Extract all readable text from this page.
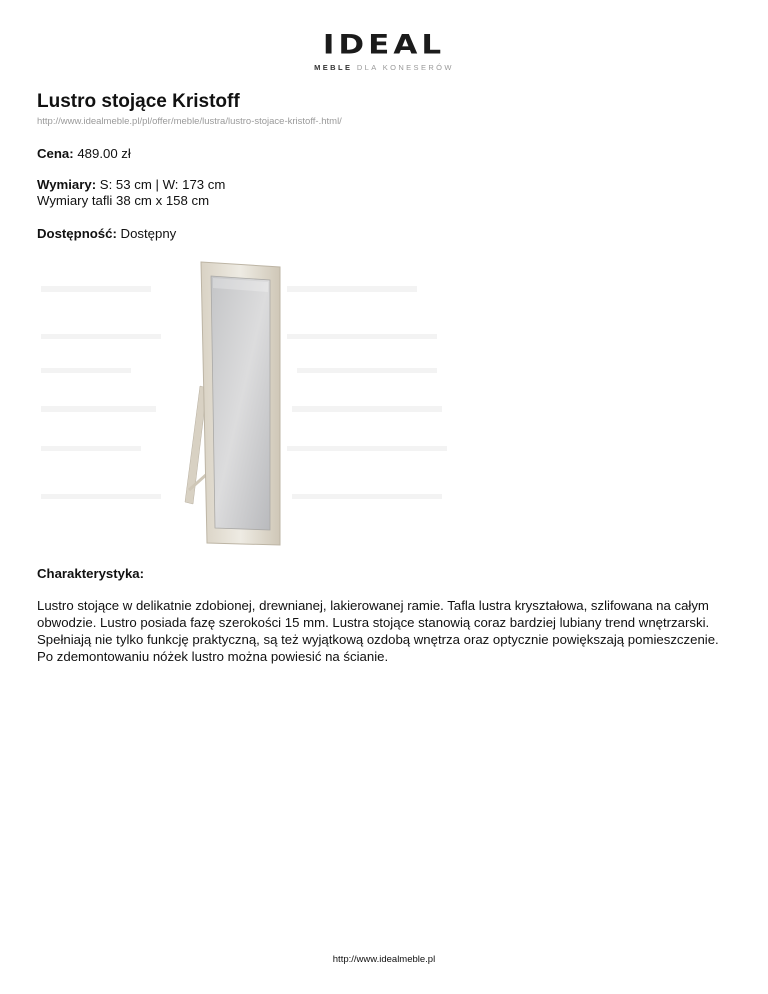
IDEAL
MEBLE DLA KONESERÓW
Lustro stojące Kristoff
http://www.idealmeble.pl/pl/offer/meble/lustra/lustro-stojace-kristoff-.html/
Cena: 489.00 zł
Wymiary: S: 53 cm | W: 173 cm
Wymiary tafli 38 cm x 158 cm
Dostępność: Dostępny
Charakterystyka:
Lustro stojące w delikatnie zdobionej, drewnianej, lakierowanej ramie. Tafla lustra kryształowa, szlifowana na całym obwodzie. Lustro posiada fazę szerokości 15 mm. Lustra stojące stanowią coraz bardziej lubiany trend wnętrzarski. Spełniają nie tylko funkcję praktyczną, są też wyjątkową ozdobą wnętrza oraz optycznie powiększają pomieszczenie. Po zdemontowaniu nóżek lustro można powiesić na ścianie.
http://www.idealmeble.pl
